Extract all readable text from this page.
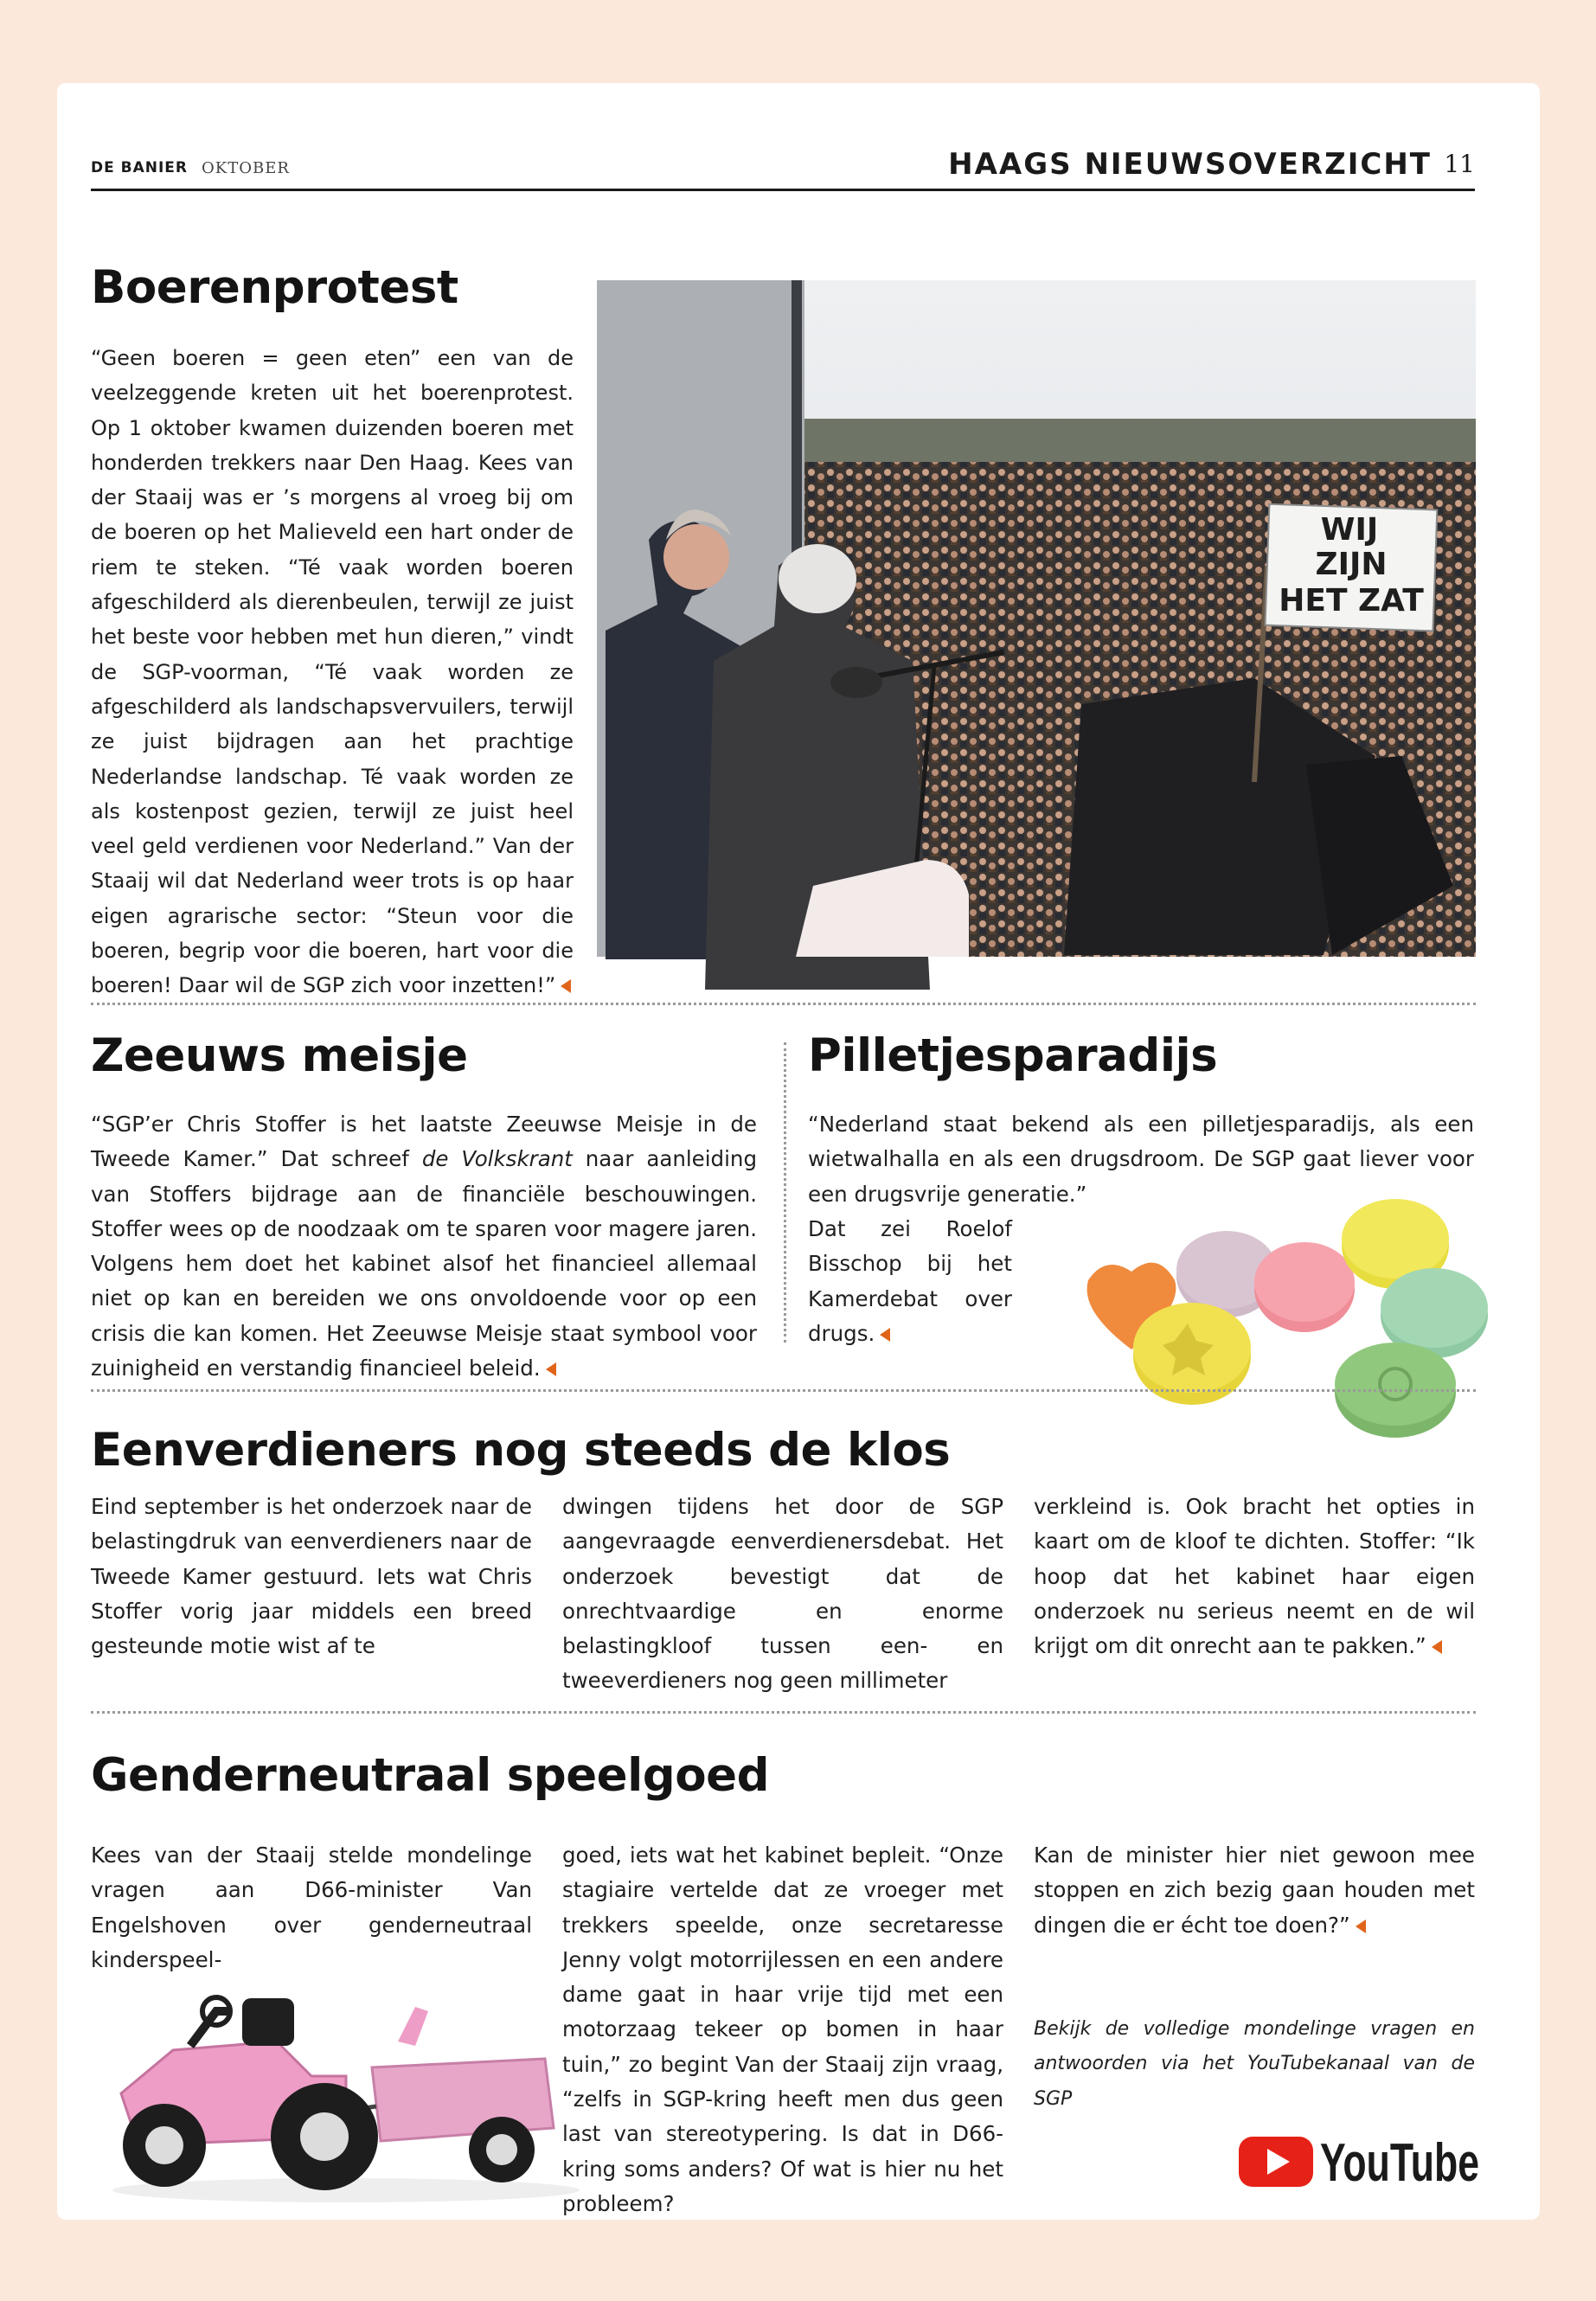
DE BANIER OKTOBER	HAAGS NIEUWSOVERZICHT 11
Boerenprotest

“Geen boeren = geen eten” een van de veelzeggende kreten uit het boerenprotest. Op 1 oktober kwamen duizenden boeren met honderden trekkers naar Den Haag. Kees van der Staaij was er ’s morgens al vroeg bij om de boeren op het Malieveld een hart onder de riem te steken. “Té vaak worden boeren afgeschilderd als dierenbeulen, terwijl ze juist het beste voor hebben met hun dieren,” vindt de SGP-voorman, “Té vaak worden ze afgeschilderd als landschapsvervuilers, terwijl ze juist bijdragen aan het prachtige Nederlandse landschap. Té vaak worden ze als kostenpost gezien, terwijl ze juist heel veel geld verdienen voor Nederland.” Van der Staaij wil dat Nederland weer trots is op haar eigen agrarische sector: “Steun voor die boeren, begrip voor die boeren, hart voor die boeren! Daar wil de SGP zich voor inzetten!”

WIJ
ZIJN
HET ZAT
Zeeuws meisje

“SGP’er Chris Stoffer is het laatste Zeeuwse Meisje in de Tweede Kamer.” Dat schreef de Volkskrant naar aanleiding van Stoffers bijdrage aan de financiële beschouwingen. Stoffer wees op de noodzaak om te sparen voor magere jaren. Volgens hem doet het kabinet alsof het financieel allemaal niet op kan en bereiden we ons onvoldoende voor op een crisis die kan komen. Het Zeeuwse Meisje staat symbool voor zuinigheid en verstandig financieel beleid.

Pilletjesparadijs

“Nederland staat bekend als een pilletjesparadijs, als een wietwalhalla en als een drugsdroom. De SGP gaat liever voor een drugsvrije generatie.”

Dat zei Roelof Bisschop bij het Kamerdebat over drugs.

Eenverdieners nog steeds de klos

Eind september is het onderzoek naar de belastingdruk van eenverdieners naar de Tweede Kamer gestuurd. Iets wat Chris Stoffer vorig jaar middels een breed gesteunde motie wist af te

dwingen tijdens het door de SGP aangevraagde eenverdienersdebat. Het onderzoek bevestigt dat de onrechtvaardige en enorme belastingkloof tussen een- en tweeverdieners nog geen millimeter

verkleind is. Ook bracht het opties in kaart om de kloof te dichten. Stoffer: “Ik hoop dat het kabinet haar eigen onderzoek nu serieus neemt en de wil krijgt om dit onrecht aan te pakken.”

Genderneutraal speelgoed

Kees van der Staaij stelde mondelinge vragen aan D66-minister Van Engelshoven over genderneutraal kinderspeel-

goed, iets wat het kabinet bepleit. “Onze stagiaire vertelde dat ze vroeger met trekkers speelde, onze secretaresse Jenny volgt motorrijlessen en een andere dame gaat in haar vrije tijd met een motorzaag tekeer op bomen in haar tuin,” zo begint Van der Staaij zijn vraag, “zelfs in SGP-kring heeft men dus geen last van stereotypering. Is dat in D66-kring soms anders? Of wat is hier nu het probleem?

Kan de minister hier niet gewoon mee stoppen en zich bezig gaan houden met dingen die er écht toe doen?”

Bekijk de volledige mondelinge vragen en antwoorden via het YouTubekanaal van de SGP

YouTube
